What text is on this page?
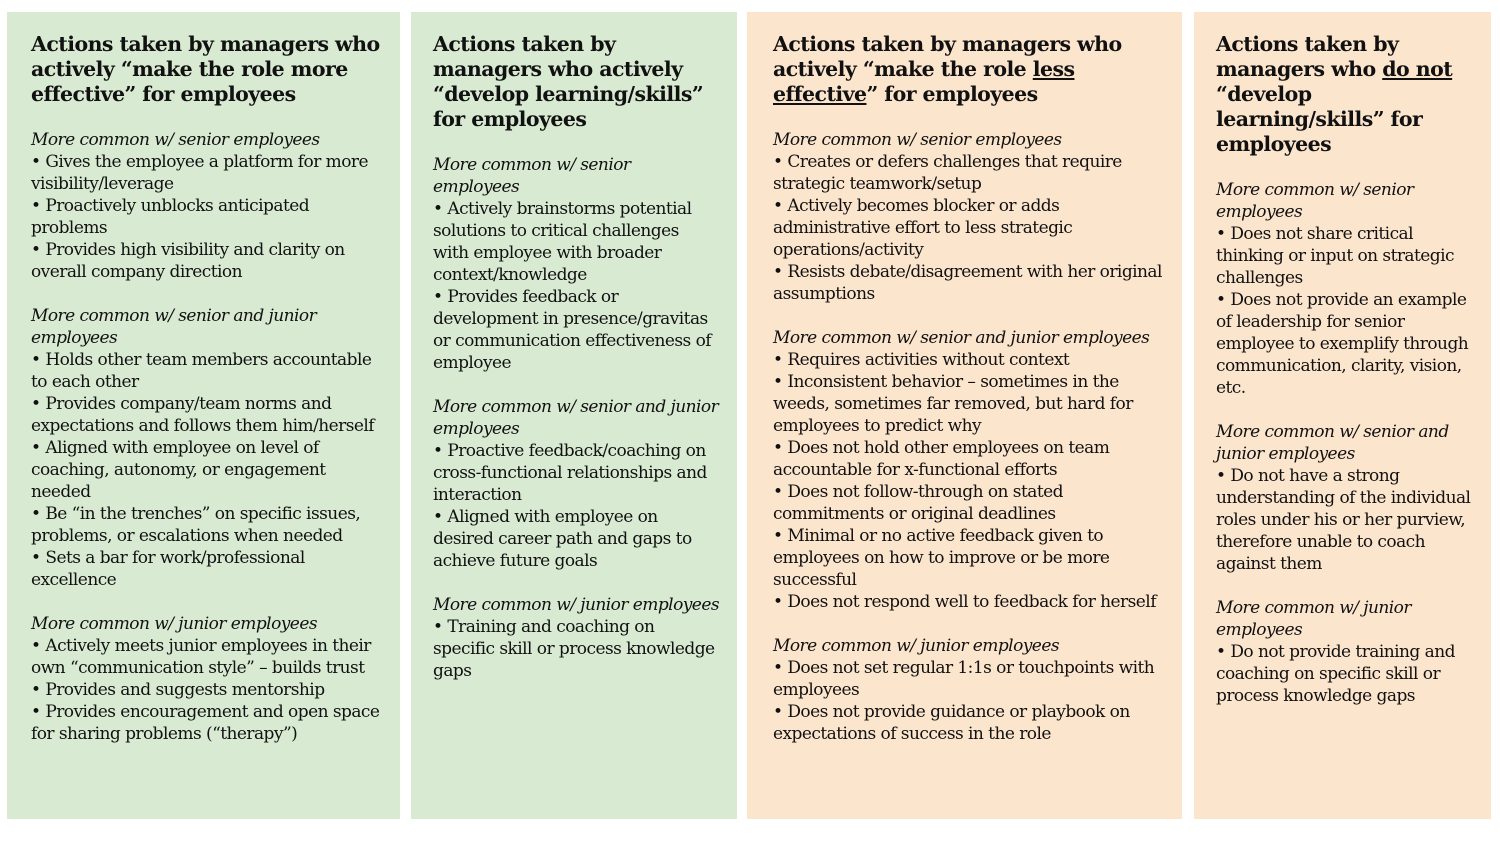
Actions taken by managers who actively “make the role more effective” for employees

More common w/ senior employees

• Gives the employee a platform for more visibility/leverage

• Proactively unblocks anticipated problems

• Provides high visibility and clarity on overall company direction

More common w/ senior and junior employees

• Holds other team members accountable to each other

• Provides company/team norms and expectations and follows them him/herself

• Aligned with employee on level of coaching, autonomy, or engagement needed

• Be “in the trenches” on specific issues, problems, or escalations when needed

• Sets a bar for work/professional excellence

More common w/ junior employees

• Actively meets junior employees in their own “communication style” – builds trust

• Provides and suggests mentorship

• Provides encouragement and open space for sharing problems (“therapy”)

Actions taken by managers who actively “develop learning/skills” for employees

More common w/ senior employees

• Actively brainstorms potential solutions to critical challenges with employee with broader context/knowledge

• Provides feedback or development in presence/gravitas or communication effectiveness of employee

More common w/ senior and junior employees

• Proactive feedback/coaching on cross-functional relationships and interaction

• Aligned with employee on desired career path and gaps to achieve future goals

More common w/ junior employees

• Training and coaching on specific skill or process knowledge gaps

Actions taken by managers who actively “make the role less effective” for employees

More common w/ senior employees

• Creates or defers challenges that require strategic teamwork/setup

• Actively becomes blocker or adds administrative effort to less strategic operations/activity

• Resists debate/disagreement with her original assumptions

More common w/ senior and junior employees

• Requires activities without context

• Inconsistent behavior – sometimes in the weeds, sometimes far removed, but hard for employees to predict why

• Does not hold other employees on team accountable for x-functional efforts

• Does not follow-through on stated commitments or original deadlines

• Minimal or no active feedback given to employees on how to improve or be more successful

• Does not respond well to feedback for herself

More common w/ junior employees

• Does not set regular 1:1s or touchpoints with employees

• Does not provide guidance or playbook on expectations of success in the role

Actions taken by managers who do not “develop learning/skills” for employees

More common w/ senior employees

• Does not share critical thinking or input on strategic challenges

• Does not provide an example of leadership for senior employee to exemplify through communication, clarity, vision, etc.

More common w/ senior and junior employees

• Do not have a strong understanding of the individual roles under his or her purview, therefore unable to coach against them

More common w/ junior employees

• Do not provide training and coaching on specific skill or process knowledge gaps
